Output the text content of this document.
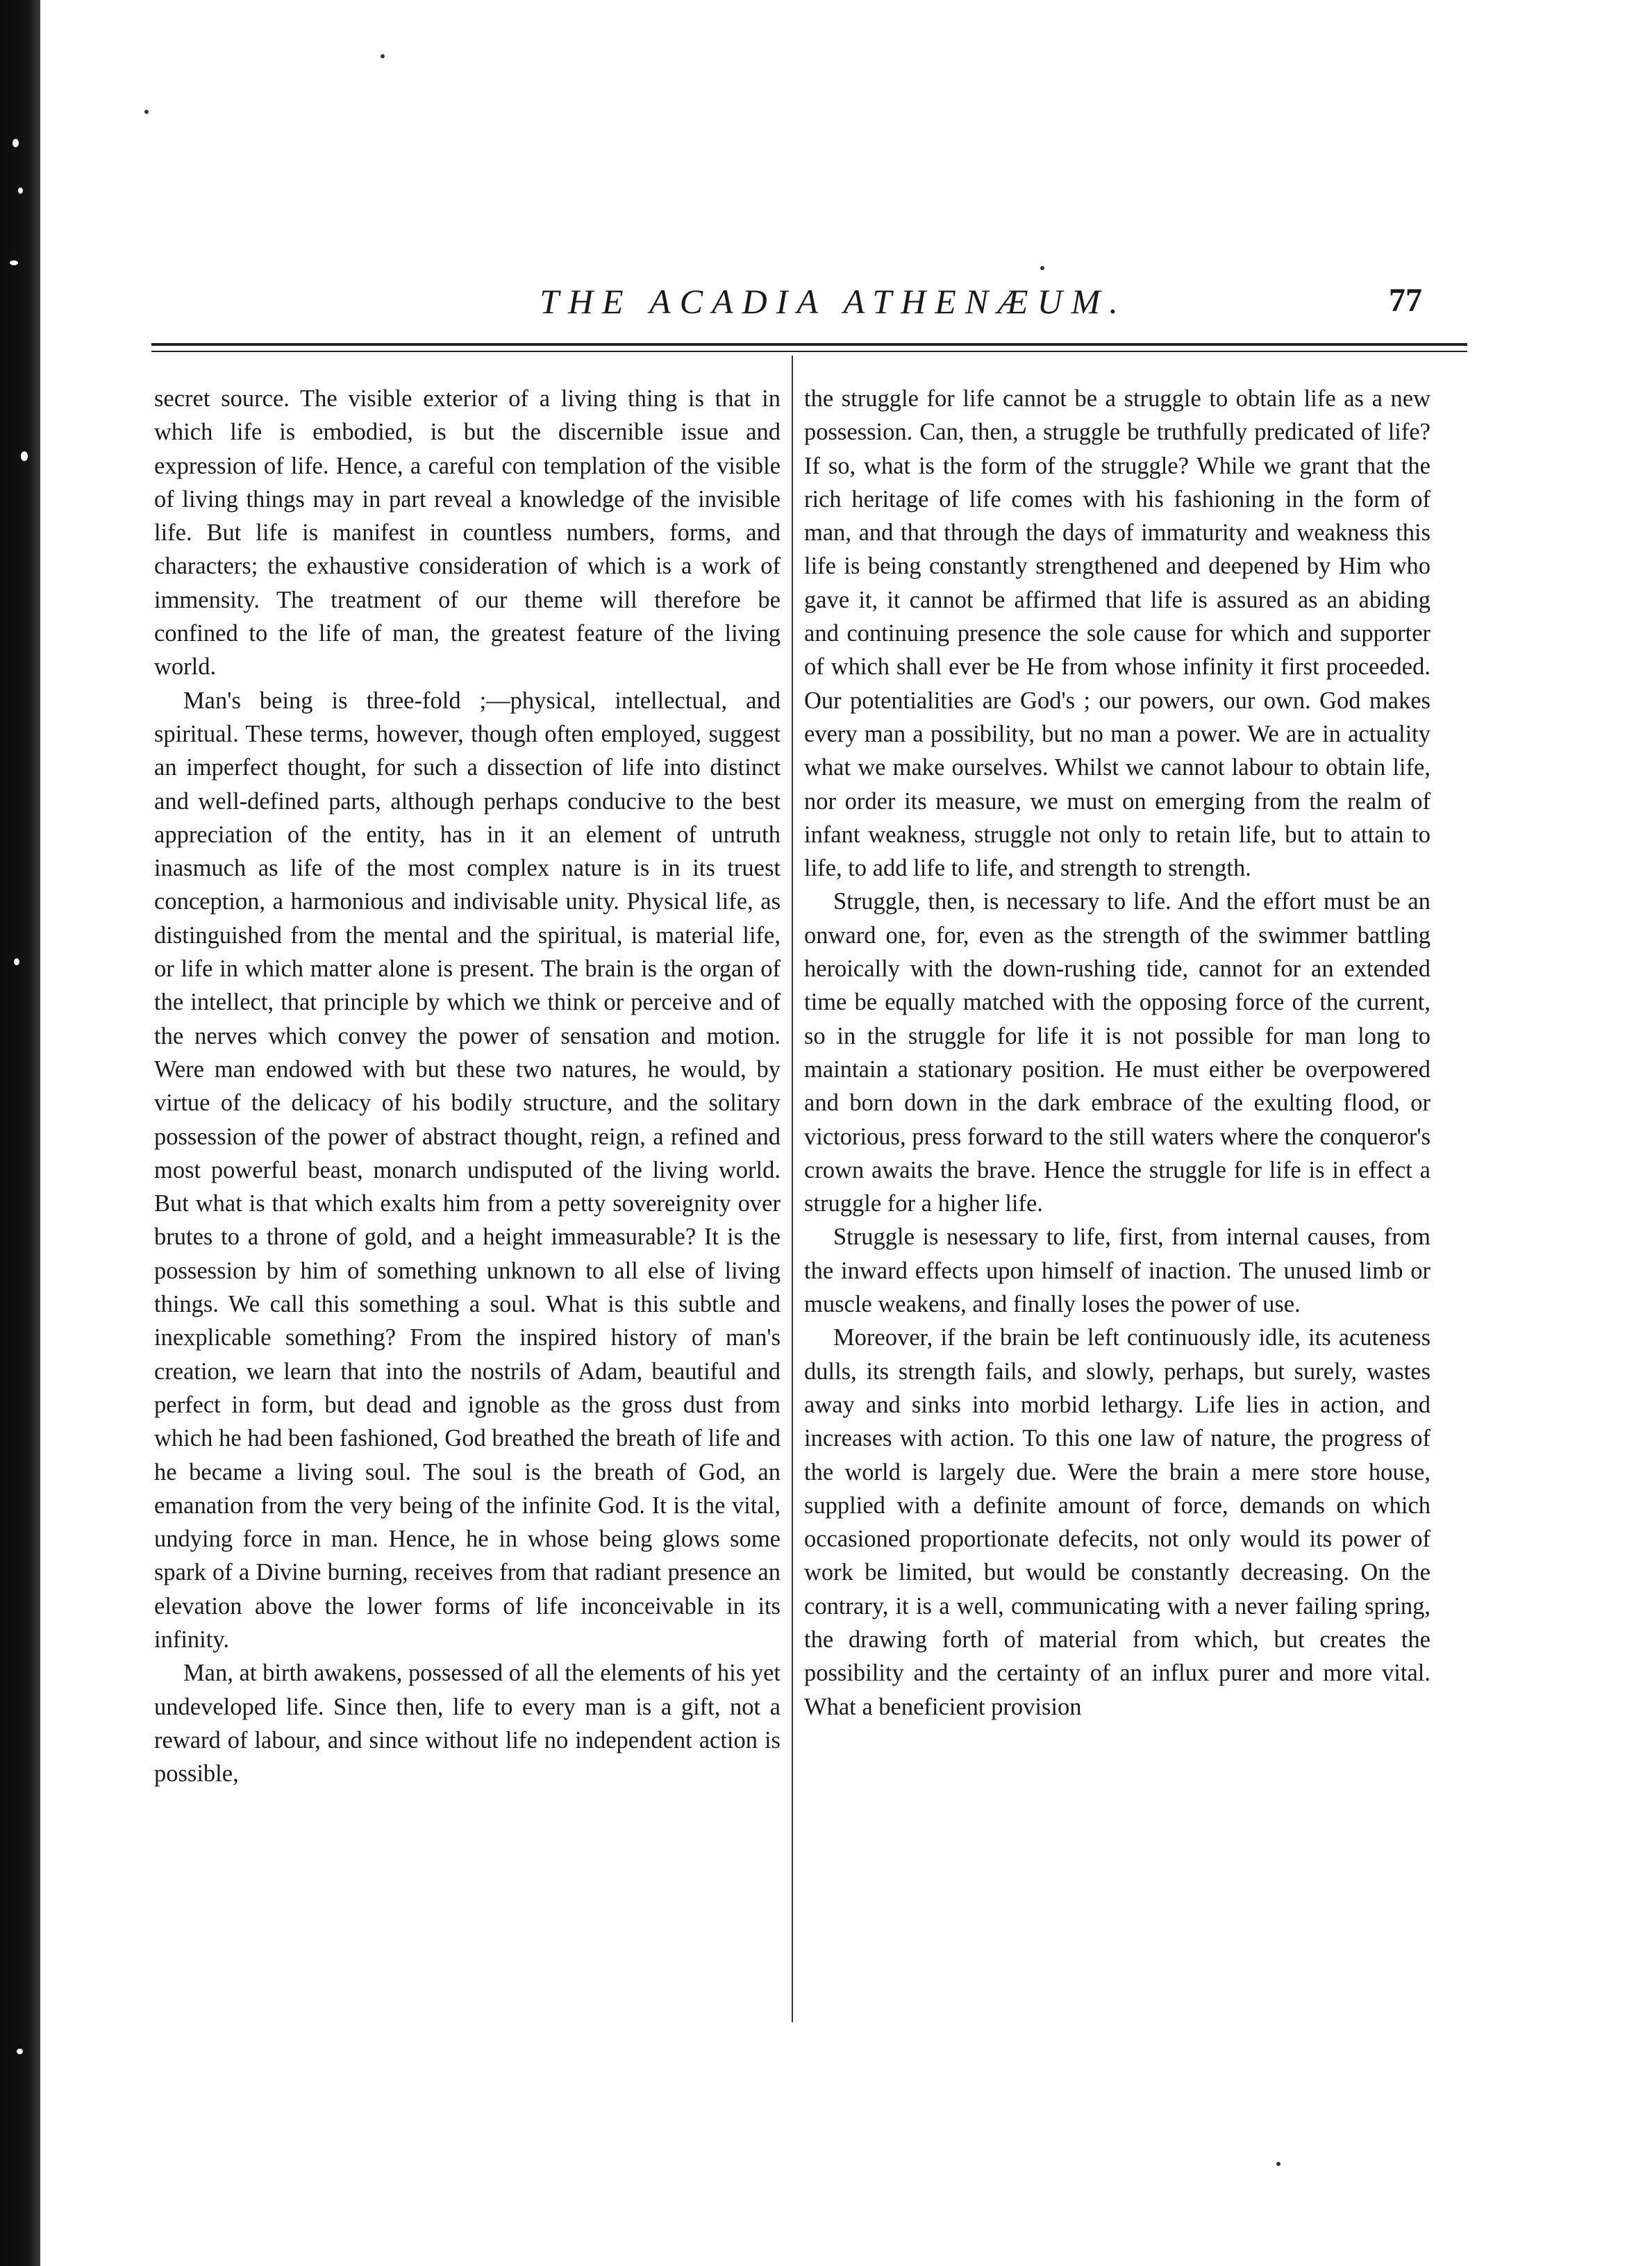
THE ACADIA ATHENÆUM.	77

secret source. The visible exterior of a living thing is that in which life is embodied, is but the discernible issue and expression of life. Hence, a careful con templation of the visible of living things may in part reveal a knowledge of the invisible life. But life is manifest in countless numbers, forms, and characters; the exhaustive consideration of which is a work of immensity. The treatment of our theme will therefore be confined to the life of man, the greatest feature of the living world.

Man's being is three-fold ;—physical, intellectual, and spiritual. These terms, however, though often employed, suggest an imperfect thought, for such a dissection of life into distinct and well-defined parts, although perhaps conducive to the best appreciation of the entity, has in it an element of untruth inasmuch as life of the most complex nature is in its truest conception, a harmonious and indivisable unity. Physical life, as distinguished from the mental and the spiritual, is material life, or life in which matter alone is present. The brain is the organ of the intellect, that principle by which we think or perceive and of the nerves which convey the power of sensation and motion. Were man endowed with but these two natures, he would, by virtue of the delicacy of his bodily structure, and the solitary possession of the power of abstract thought, reign, a refined and most powerful beast, monarch undisputed of the living world. But what is that which exalts him from a petty sovereignity over brutes to a throne of gold, and a height immeasurable? It is the possession by him of something unknown to all else of living things. We call this something a soul. What is this subtle and inexplicable something? From the inspired history of man's creation, we learn that into the nostrils of Adam, beautiful and perfect in form, but dead and ignoble as the gross dust from which he had been fashioned, God breathed the breath of life and he became a living soul. The soul is the breath of God, an emanation from the very being of the infinite God. It is the vital, undying force in man. Hence, he in whose being glows some spark of a Divine burning, receives from that radiant presence an elevation above the lower forms of life inconceivable in its infinity.

Man, at birth awakens, possessed of all the elements of his yet undeveloped life. Since then, life to every man is a gift, not a reward of labour, and since without life no independent action is possible,

the struggle for life cannot be a struggle to obtain life as a new possession. Can, then, a struggle be truthfully predicated of life? If so, what is the form of the struggle? While we grant that the rich heritage of life comes with his fashioning in the form of man, and that through the days of immaturity and weakness this life is being constantly strengthened and deepened by Him who gave it, it cannot be affirmed that life is assured as an abiding and continuing presence the sole cause for which and supporter of which shall ever be He from whose infinity it first proceeded. Our potentialities are God's ; our powers, our own. God makes every man a possibility, but no man a power. We are in actuality what we make ourselves. Whilst we cannot labour to obtain life, nor order its measure, we must on emerging from the realm of infant weakness, struggle not only to retain life, but to attain to life, to add life to life, and strength to strength.

Struggle, then, is necessary to life. And the effort must be an onward one, for, even as the strength of the swimmer battling heroically with the down-rushing tide, cannot for an extended time be equally matched with the opposing force of the current, so in the struggle for life it is not possible for man long to maintain a stationary position. He must either be overpowered and born down in the dark embrace of the exulting flood, or victorious, press forward to the still waters where the conqueror's crown awaits the brave. Hence the struggle for life is in effect a struggle for a higher life.

Struggle is nesessary to life, first, from internal causes, from the inward effects upon himself of inaction. The unused limb or muscle weakens, and finally loses the power of use.

Moreover, if the brain be left continuously idle, its acuteness dulls, its strength fails, and slowly, perhaps, but surely, wastes away and sinks into morbid lethargy. Life lies in action, and increases with action. To this one law of nature, the progress of the world is largely due. Were the brain a mere store house, supplied with a definite amount of force, demands on which occasioned proportionate defecits, not only would its power of work be limited, but would be constantly decreasing. On the contrary, it is a well, communicating with a never failing spring, the drawing forth of material from which, but creates the possibility and the certainty of an influx purer and more vital. What a beneficient provision
